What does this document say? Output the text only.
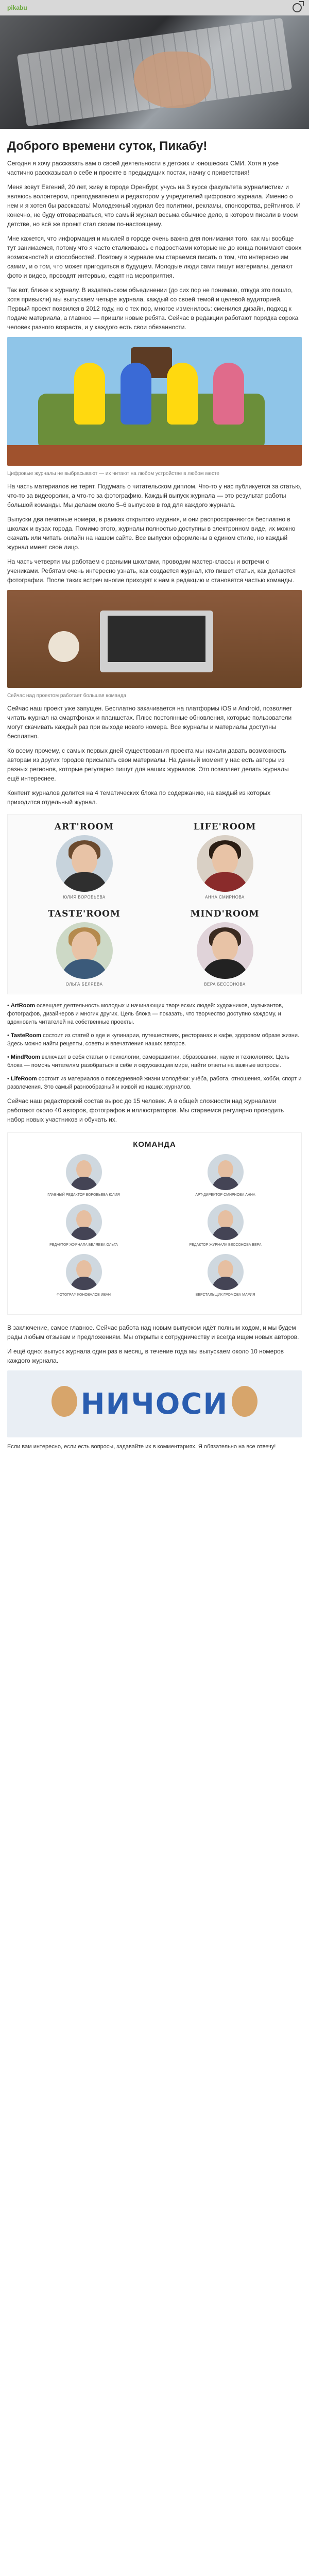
pikabu
Доброго времени суток, Пикабу!

Сегодня я хочу рассказать вам о своей деятельности в детских и юношеских СМИ. Хотя я уже частично рассказывал о себе и проекте в предыдущих постах, начну с приветствия!

Меня зовут Евгений, 20 лет, живу в городе Оренбург, учусь на 3 курсе факультета журналистики и являюсь волонтером, преподавателем и редактором у учредителей цифрового журнала. Именно о нем и я хотел бы рассказать! Молодежный журнал без политики, рекламы, спонсорства, рейтингов. И конечно, не буду отговариваться, что самый журнал весьма обычное дело, в котором писали в моем детстве, но всё же проект стал своим по-настоящему.

Мне кажется, что информация и мыслей в городе очень важна для понимания того, как мы вообще тут занимаемся, потому что я часто сталкиваюсь с подростками которые не до конца понимают своих возможностей и способностей. Поэтому в журнале мы стараемся писать о том, что интересно им самим, и о том, что может пригодиться в будущем. Молодые люди сами пишут материалы, делают фото и видео, проводят интервью, ездят на мероприятия.

Так вот, ближе к журналу. В издательском объединении (до сих пор не понимаю, откуда это пошло, хотя привыкли) мы выпускаем четыре журнала, каждый со своей темой и целевой аудиторией. Первый проект появился в 2012 году, но с тех пор, многое изменилось: сменился дизайн, подход к подаче материала, а главное — пришли новые ребята. Сейчас в редакции работают порядка сорока человек разного возраста, и у каждого есть свои обязанности.

Цифровые журналы не выбрасывают — их читают на любом устройстве в любом месте

На часть материалов не терят. Подумать о читательском диплом. Что-то у нас публикуется за статью, что-то за видеоролик, а что-то за фотографию. Каждый выпуск журнала — это результат работы большой команды. Мы делаем около 5–6 выпусков в год для каждого журнала.

Выпуски два печатные номера, в рамках открытого издания, и они распространяются бесплатно в школах и вузах города. Помимо этого, журналы полностью доступны в электронном виде, их можно скачать или читать онлайн на нашем сайте. Все выпуски оформлены в едином стиле, но каждый журнал имеет своё лицо.

На часть четверти мы работаем с разными школами, проводим мастер-классы и встречи с учениками. Ребятам очень интересно узнать, как создается журнал, кто пишет статьи, как делаются фотографии. После таких встреч многие приходят к нам в редакцию и становятся частью команды.

Сейчас над проектом работает большая команда

Сейчас наш проект уже запущен. Бесплатно закачивается на платформы iOS и Android, позволяет читать журнал на смартфонах и планшетах. Плюс постоянные обновления, которые пользователи могут скачивать каждый раз при выходе нового номера. Все журналы и материалы доступны бесплатно.

Ко всему прочему, с самых первых дней существования проекта мы начали давать возможность авторам из других городов присылать свои материалы. На данный момент у нас есть авторы из разных регионов, которые регулярно пишут для наших журналов. Это позволяет делать журналы ещё интереснее.

Контент журналов делится на 4 тематических блока по содержанию, на каждый из которых приходится отдельный журнал.

ART'ROOM
ЮЛИЯ ВОРОБЬЕВА
LIFE'ROOM
АННА СМИРНОВА
TASTE'ROOM
ОЛЬГА БЕЛЯЕВА
MIND'ROOM
ВЕРА БЕССОНОВА

• ArtRoom освещает деятельность молодых и начинающих творческих людей: художников, музыкантов, фотографов, дизайнеров и многих других. Цель блока — показать, что творчество доступно каждому, и вдохновить читателей на собственные проекты.

• TasteRoom состоит из статей о еде и кулинарии, путешествиях, ресторанах и кафе, здоровом образе жизни. Здесь можно найти рецепты, советы и впечатления наших авторов.

• MindRoom включает в себя статьи о психологии, саморазвитии, образовании, науке и технологиях. Цель блока — помочь читателям разобраться в себе и окружающем мире, найти ответы на важные вопросы.

• LifeRoom состоит из материалов о повседневной жизни молодёжи: учёба, работа, отношения, хобби, спорт и развлечения. Это самый разнообразный и живой из наших журналов.

Сейчас наш редакторский состав вырос до 15 человек. А в общей сложности над журналами работают около 40 авторов, фотографов и иллюстраторов. Мы стараемся регулярно проводить набор новых участников и обучать их.

КОМАНДА
ГЛАВНЫЙ РЕДАКТОР ВОРОБЬЕВА ЮЛИЯ	АРТ-ДИРЕКТОР СМИРНОВА АННА
РЕДАКТОР ЖУРНАЛА БЕЛЯЕВА ОЛЬГА	РЕДАКТОР ЖУРНАЛА БЕССОНОВА ВЕРА
ФОТОГРАФ КОНОВАЛОВ ИВАН	ВЕРСТАЛЬЩИК ГРОМОВА МАРИЯ

В заключение, самое главное. Сейчас работа над новым выпуском идёт полным ходом, и мы будем рады любым отзывам и предложениям. Мы открыты к сотрудничеству и всегда ищем новых авторов.

И ещё одно: выпуск журнала один раз в месяц, в течение года мы выпускаем около 10 номеров каждого журнала.

НИЧОСИ

Если вам интересно, если есть вопросы, задавайте их в комментариях. Я обязательно на все отвечу!
